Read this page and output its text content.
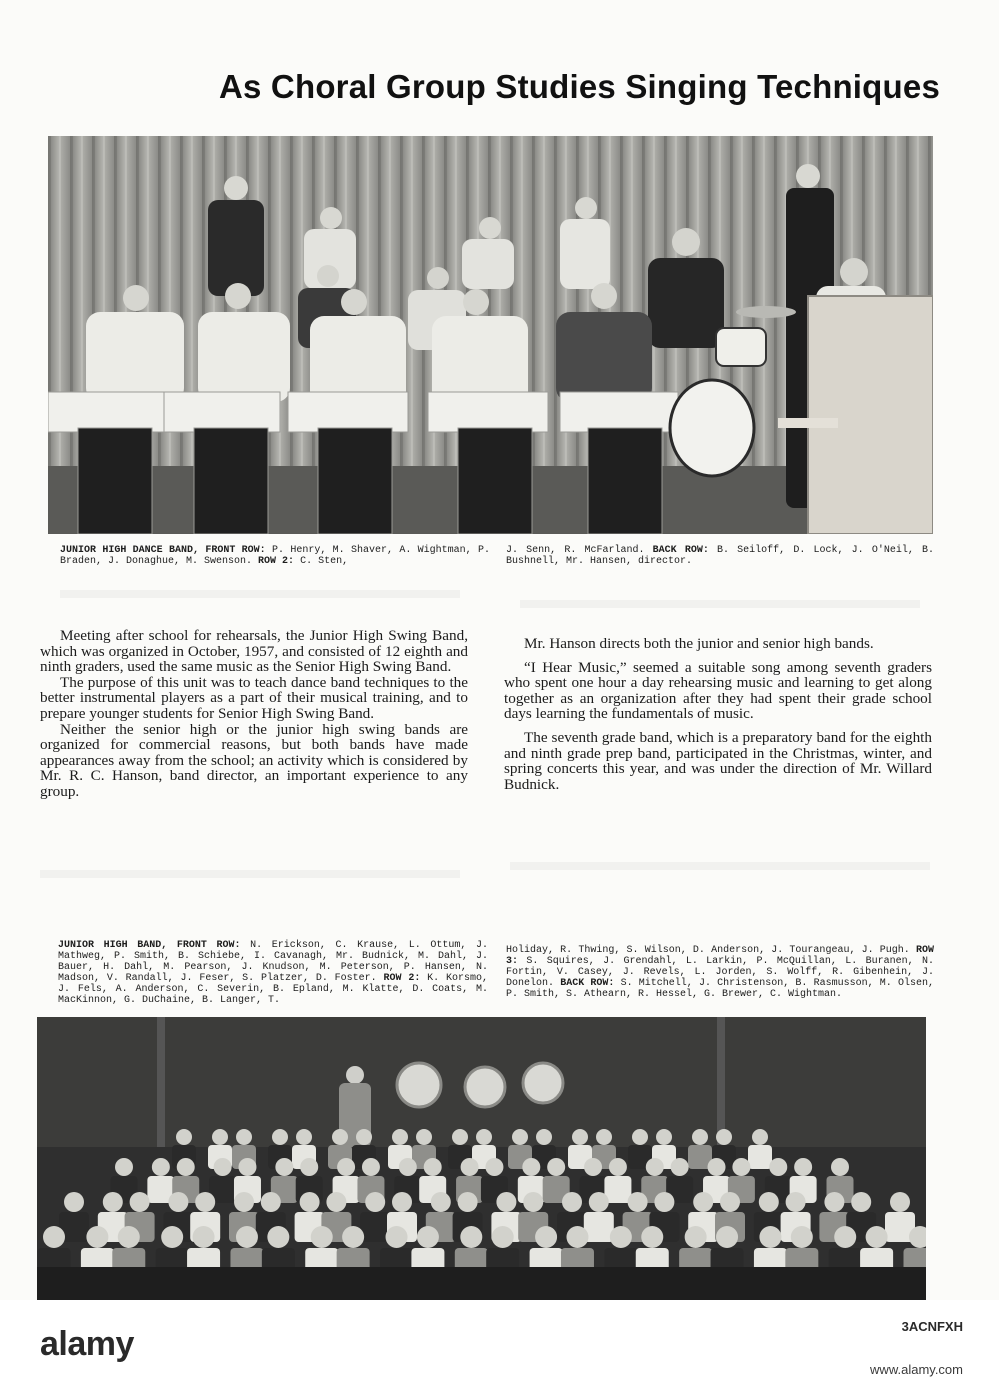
As Choral Group Studies Singing Techniques
JUNIOR HIGH DANCE BAND, FRONT ROW: P. Henry, M. Shaver, A. Wightman, P. Braden, J. Donaghue, M. Swenson. ROW 2: C. Sten,
J. Senn, R. McFarland. BACK ROW: B. Seiloff, D. Lock, J. O'Neil, B. Bushnell, Mr. Hansen, director.

Meeting after school for rehearsals, the Junior High Swing Band, which was organized in October, 1957, and consisted of 12 eighth and ninth graders, used the same music as the Senior High Swing Band.

The purpose of this unit was to teach dance band techniques to the better instrumental players as a part of their musical training, and to prepare younger students for Senior High Swing Band.

Neither the senior high or the junior high swing bands are organized for commercial reasons, but both bands have made appearances away from the school; an activity which is considered by Mr. R. C. Hanson, band director, an important experience to any group.

Mr. Hanson directs both the junior and senior high bands.

“I Hear Music,” seemed a suitable song among seventh graders who spent one hour a day rehearsing music and learning to get along together as an organization after they had spent their grade school days learning the fundamentals of music.

The seventh grade band, which is a preparatory band for the eighth and ninth grade prep band, participated in the Christmas, winter, and spring concerts this year, and was under the direction of Mr. Willard Budnick.

JUNIOR HIGH BAND, FRONT ROW: N. Erickson, C. Krause, L. Ottum, J. Mathweg, P. Smith, B. Schiebe, I. Cavanagh, Mr. Budnick, M. Dahl, J. Bauer, H. Dahl, M. Pearson, J. Knudson, M. Peterson, P. Hansen, N. Madson, V. Randall, J. Feser, S. Platzer, D. Foster. ROW 2: K. Korsmo, J. Fels, A. Anderson, C. Severin, B. Epland, M. Klatte, D. Coats, M. MacKinnon, G. DuChaine, B. Langer, T.
Holiday, R. Thwing, S. Wilson, D. Anderson, J. Tourangeau, J. Pugh. ROW 3: S. Squires, J. Grendahl, L. Larkin, P. McQuillan, L. Buranen, N. Fortin, V. Casey, J. Revels, L. Jorden, S. Wolff, R. Gibenhein, J. Donelon. BACK ROW: S. Mitchell, J. Christenson, B. Rasmusson, M. Olsen, P. Smith, S. Athearn, R. Hessel, G. Brewer, C. Wightman.
alamy	3ACNFXH
www.alamy.com
